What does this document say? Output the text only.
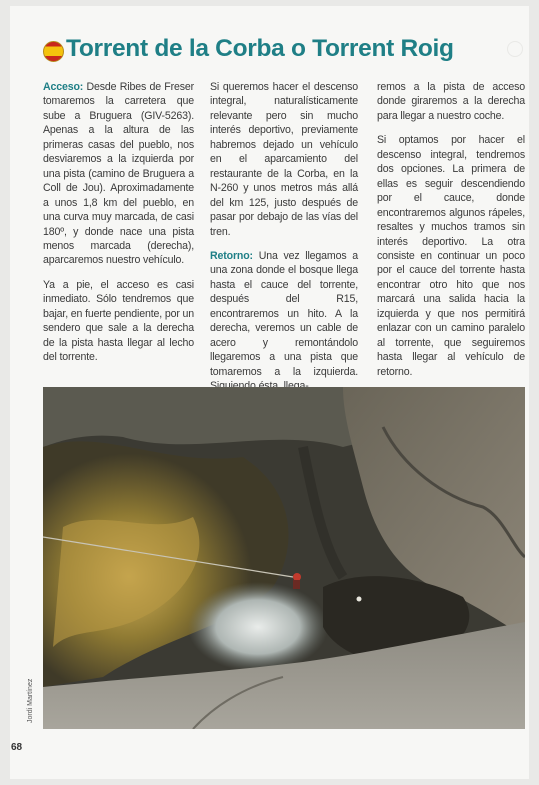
Torrent de la Corba o Torrent Roig

Acceso: Desde Ribes de Freser tomaremos la carretera que sube a Bruguera (GIV-5263). Apenas a la altura de las primeras casas del pueblo, nos desviaremos a la izquierda por una pista (camino de Bruguera a Coll de Jou). Aproximadamente a unos 1,8 km del pueblo, en una curva muy marcada, de casi 180º, y donde nace una pista menos marcada (derecha), aparcaremos nuestro vehículo.

Ya a pie, el acceso es casi inmediato. Sólo tendremos que bajar, en fuerte pendiente, por un sendero que sale a la derecha de la pista hasta llegar al lecho del torrente.

Si queremos hacer el descenso integral, naturalísticamente relevante pero sin mucho interés deportivo, previamente habremos dejado un vehículo en el aparcamiento del restaurante de la Corba, en la N-260 y unos metros más allá del km 125, justo después de pasar por debajo de las vías del tren.

Retorno: Una vez llegamos a una zona donde el bosque llega hasta el cauce del torrente, después del R15, encontraremos un hito. A la derecha, veremos un cable de acero y remontándolo llegaremos a una pista que tomaremos a la izquierda.

remos a la pista de acceso donde giraremos a la derecha para llegar a nuestro coche.

Si optamos por hacer el descenso integral, tendremos dos opciones. La primera de ellas es seguir descendiendo por el cauce, donde encontraremos algunos rápeles, resaltes y muchos tramos sin interés deportivo. La otra consiste en continuar un poco por el cauce del torrente hasta encontrar otro hito que nos marcará una salida hacia la izquierda y que nos permitirá enlazar con un camino paralelo al torrente, que seguiremos hasta llegar al vehículo de retorno.

Jordi Martínez
68
